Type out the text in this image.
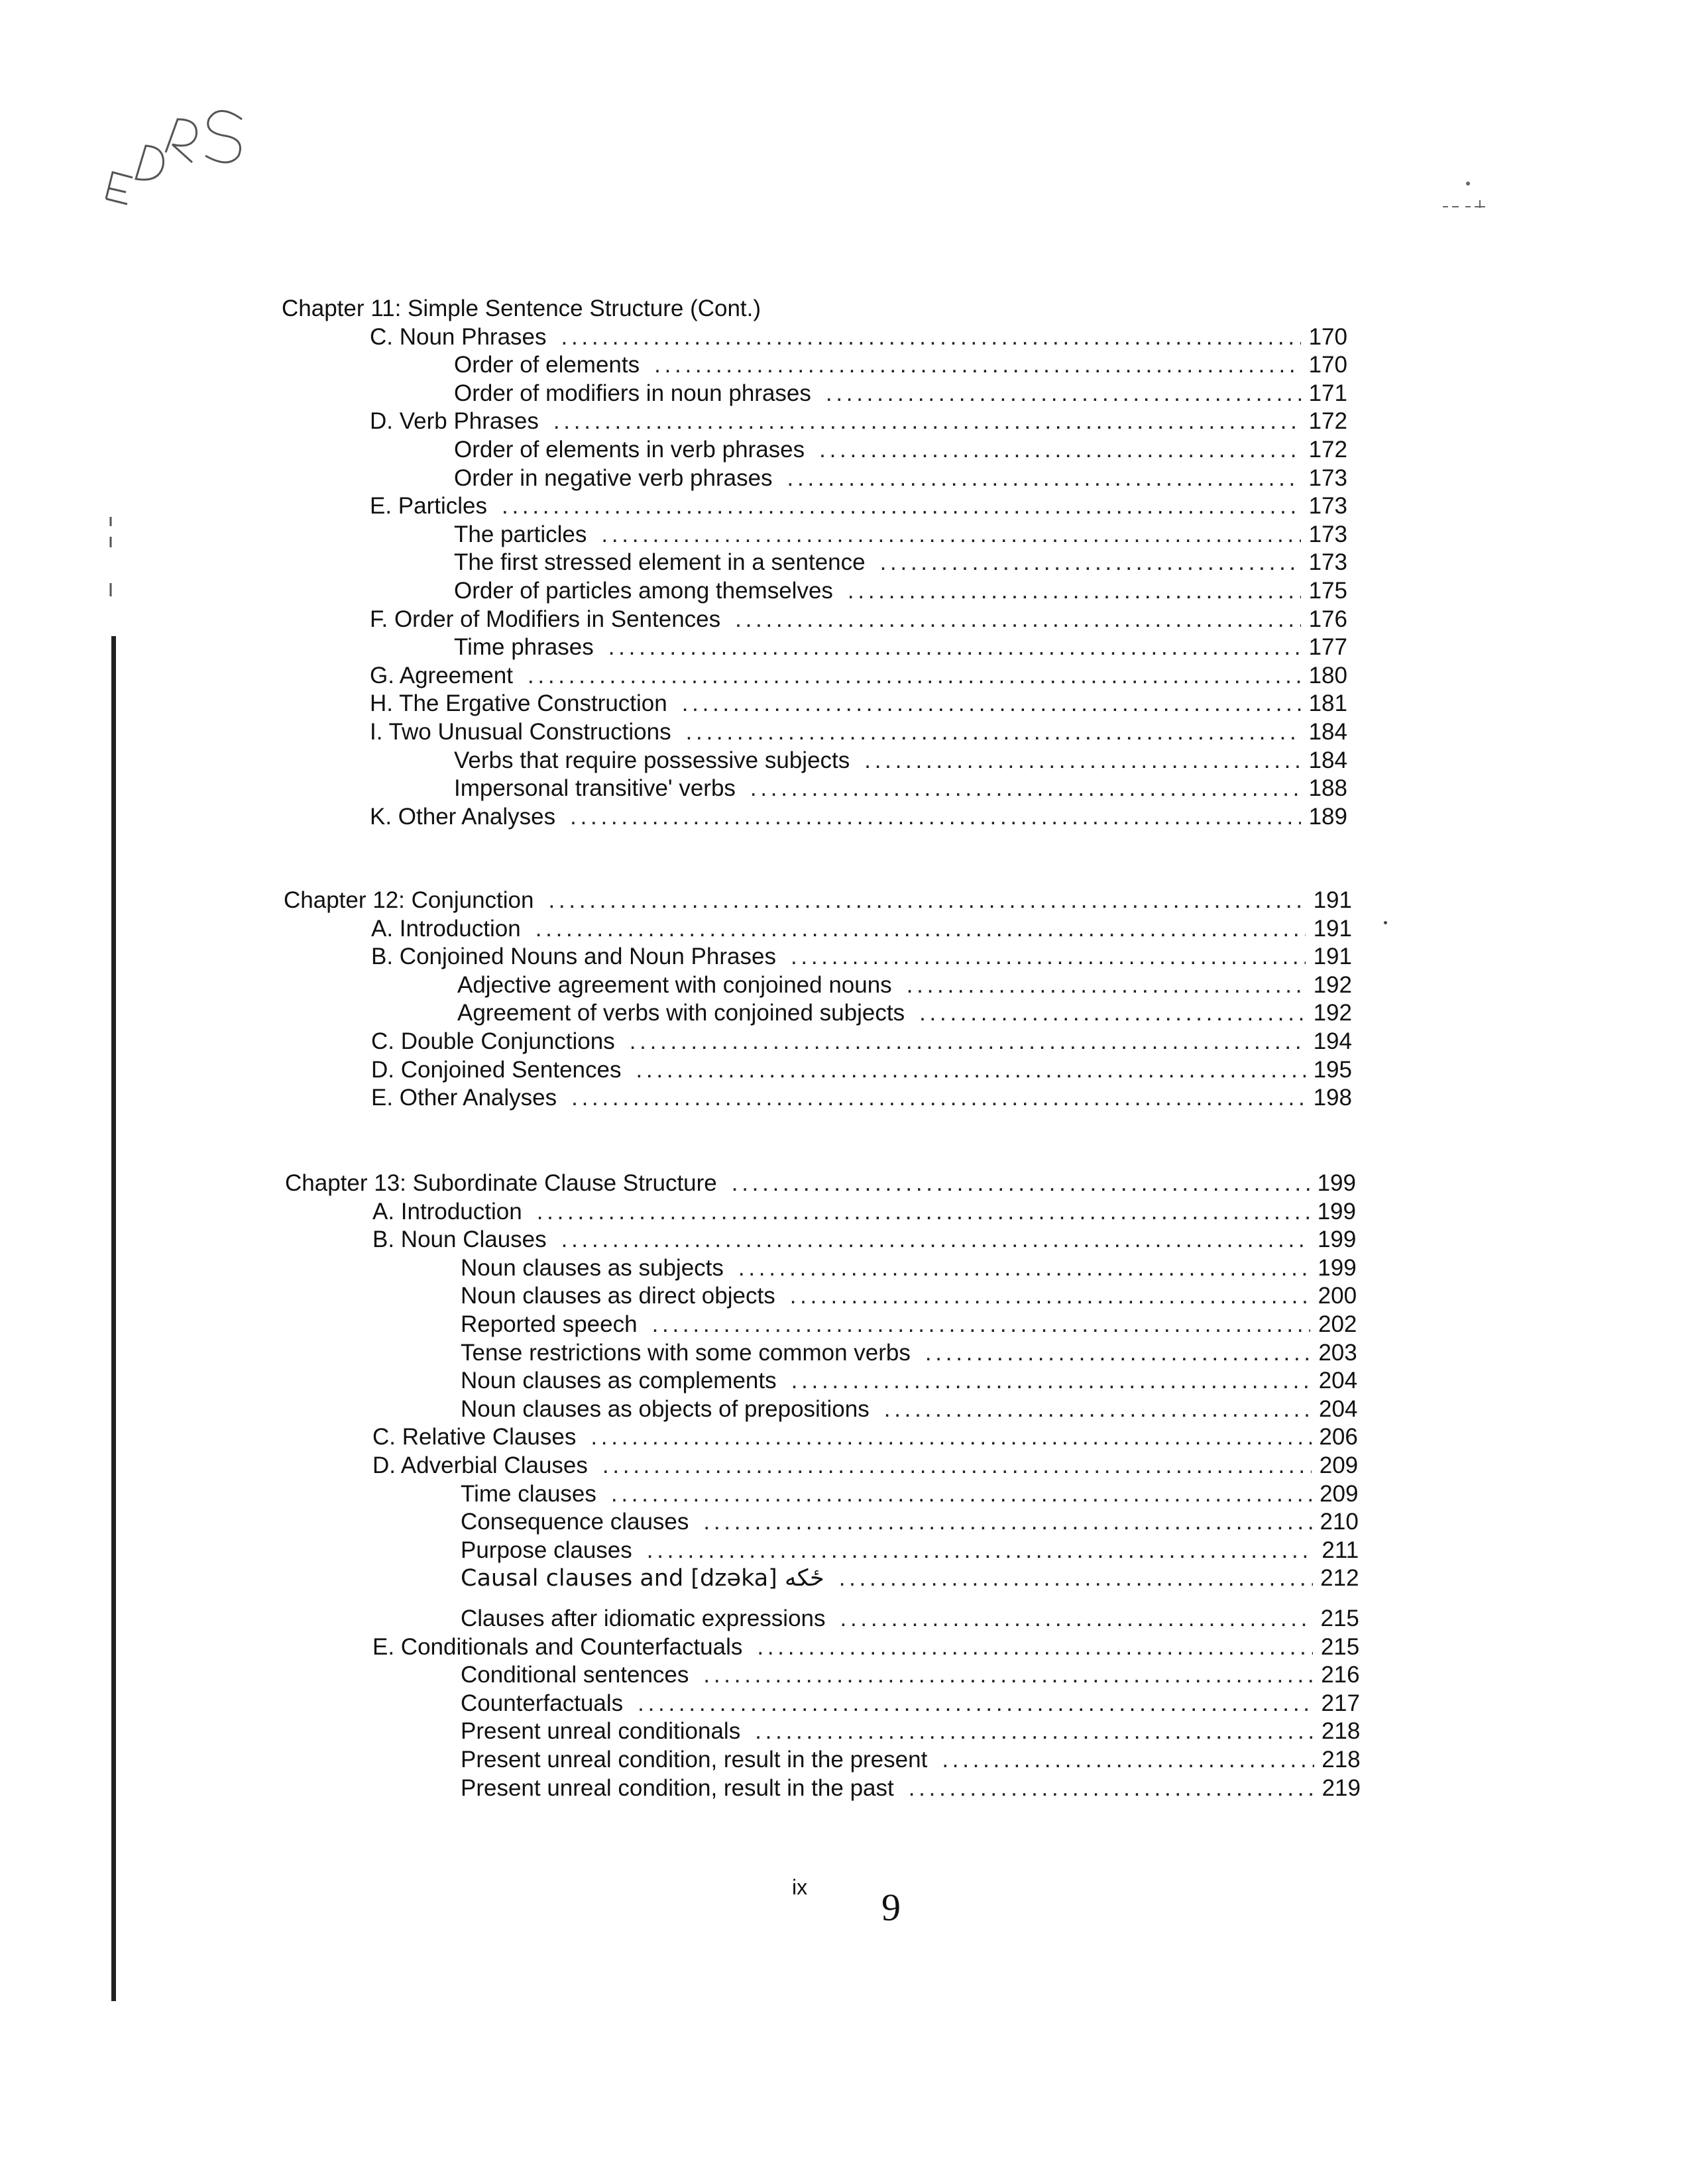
Chapter 11: Simple Sentence Structure (Cont.)
C. Noun Phrases . . .	170
Order of elements . . .	170
Order of modifiers in noun phrases . . .	171
D. Verb Phrases . . .	172
Order of elements in verb phrases . . .	172
Order in negative verb phrases . . .	173
E. Particles . . .	173
The particles . . .	173
The first stressed element in a sentence . . .	173
Order of particles among themselves . . .	175
F. Order of Modifiers in Sentences . . .	176
Time phrases . . .	177
G. Agreement . . .	180
H. The Ergative Construction . . .	181
I. Two Unusual Constructions . . .	184
Verbs that require possessive subjects . . .	184
Impersonal transitive' verbs . . .	188
K. Other Analyses . . .	189
Chapter 12: Conjunction . . .	191
A. Introduction . . .	191
B. Conjoined Nouns and Noun Phrases . . .	191
Adjective agreement with conjoined nouns . . .	192
Agreement of verbs with conjoined subjects . . .	192
C. Double Conjunctions . . .	194
D. Conjoined Sentences . . .	195
E. Other Analyses . . .	198
Chapter 13: Subordinate Clause Structure . . .	199
A. Introduction . . .	199
B. Noun Clauses . . .	199
Noun clauses as subjects . . .	199
Noun clauses as direct objects . . .	200
Reported speech . . .	202
Tense restrictions with some common verbs . . .	203
Noun clauses as complements . . .	204
Noun clauses as objects of prepositions . . .	204
C. Relative Clauses . . .	206
D. Adverbial Clauses . . .	209
Time clauses . . .	209
Consequence clauses . . .	210
Purpose clauses . . .	211
Causal clauses and [dzǝka] ځکه . . .	212
Clauses after idiomatic expressions . . .	215
E. Conditionals and Counterfactuals . . .	215
Conditional sentences . . .	216
Counterfactuals . . .	217
Present unreal conditionals . . .	218
Present unreal condition, result in the present . . .	218
Present unreal condition, result in the past . . .	219
ix 9
